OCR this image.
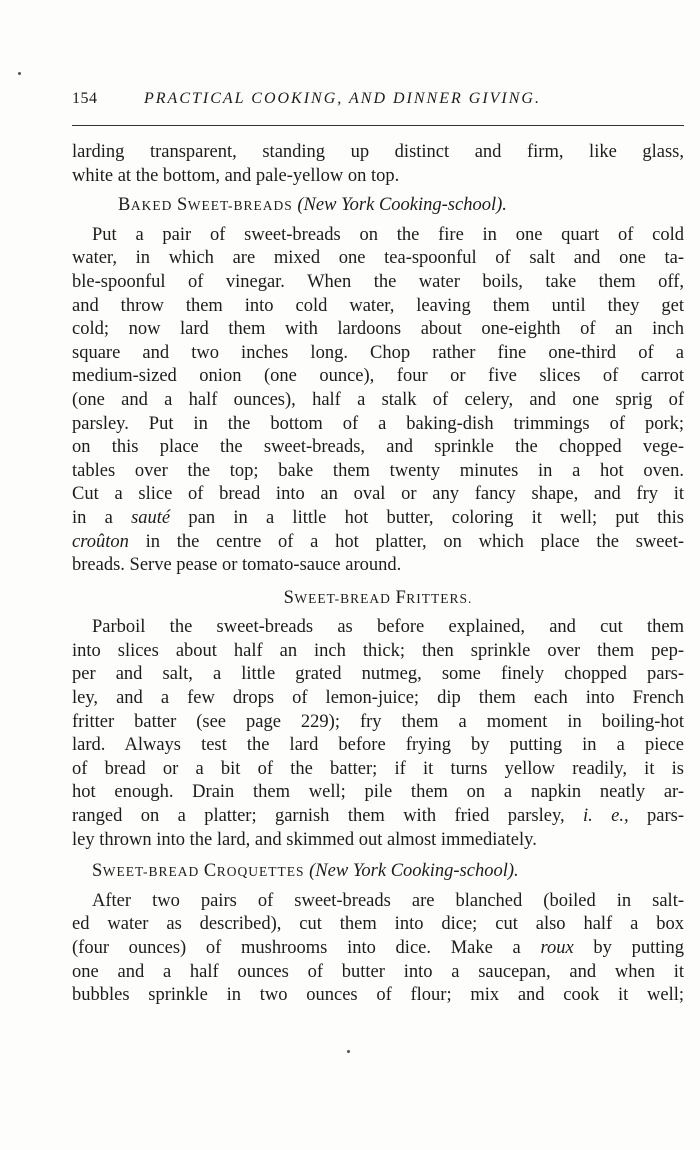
154	PRACTICAL COOKING, AND DINNER GIVING.
larding transparent, standing up distinct and firm, like glass,
white at the bottom, and pale-yellow on top.
BAKED SWEET-BREADS (New York Cooking-school).
Put a pair of sweet-breads on the fire in one quart of cold
water, in which are mixed one tea-spoonful of salt and one ta-
ble-spoonful of vinegar. When the water boils, take them off,
and throw them into cold water, leaving them until they get
cold; now lard them with lardoons about one-eighth of an inch
square and two inches long. Chop rather fine one-third of a
medium-sized onion (one ounce), four or five slices of carrot
(one and a half ounces), half a stalk of celery, and one sprig of
parsley. Put in the bottom of a baking-dish trimmings of pork;
on this place the sweet-breads, and sprinkle the chopped vege-
tables over the top; bake them twenty minutes in a hot oven.
Cut a slice of bread into an oval or any fancy shape, and fry it
in a sauté pan in a little hot butter, coloring it well; put this
croûton in the centre of a hot platter, on which place the sweet-
breads. Serve pease or tomato-sauce around.
SWEET-BREAD FRITTERS.
Parboil the sweet-breads as before explained, and cut them
into slices about half an inch thick; then sprinkle over them pep-
per and salt, a little grated nutmeg, some finely chopped pars-
ley, and a few drops of lemon-juice; dip them each into French
fritter batter (see page 229); fry them a moment in boiling-hot
lard. Always test the lard before frying by putting in a piece
of bread or a bit of the batter; if it turns yellow readily, it is
hot enough. Drain them well; pile them on a napkin neatly ar-
ranged on a platter; garnish them with fried parsley, i. e., pars-
ley thrown into the lard, and skimmed out almost immediately.
SWEET-BREAD CROQUETTES (New York Cooking-school).
After two pairs of sweet-breads are blanched (boiled in salt-
ed water as described), cut them into dice; cut also half a box
(four ounces) of mushrooms into dice. Make a roux by putting
one and a half ounces of butter into a saucepan, and when it
bubbles sprinkle in two ounces of flour; mix and cook it well;
